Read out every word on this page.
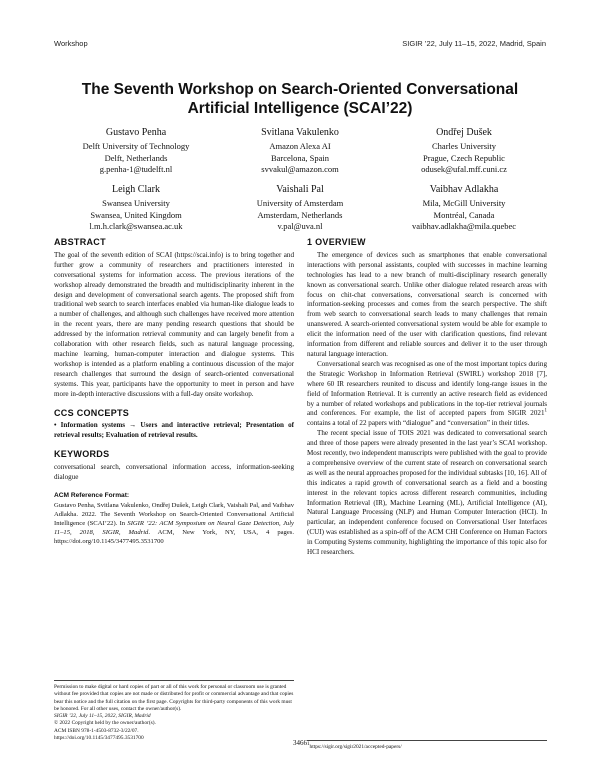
Workshop	SIGIR ’22, July 11–15, 2022, Madrid, Spain
The Seventh Workshop on Search-Oriented Conversational Artificial Intelligence (SCAI’22)
Gustavo Penha
Delft University of Technology
Delft, Netherlands
g.penha-1@tudelft.nl
Svitlana Vakulenko
Amazon Alexa AI
Barcelona, Spain
svvakul@amazon.com
Ondřej Dušek
Charles University
Prague, Czech Republic
odusek@ufal.mff.cuni.cz
Leigh Clark
Swansea University
Swansea, United Kingdom
l.m.h.clark@swansea.ac.uk
Vaishali Pal
University of Amsterdam
Amsterdam, Netherlands
v.pal@uva.nl
Vaibhav Adlakha
Mila, McGill University
Montréal, Canada
vaibhav.adlakha@mila.quebec
ABSTRACT

The goal of the seventh edition of SCAI (https://scai.info) is to bring together and further grow a community of researchers and practitioners interested in conversational systems for information access. The previous iterations of the workshop already demonstrated the breadth and multidisciplinarity inherent in the design and development of conversational search agents. The proposed shift from traditional web search to search interfaces enabled via human-like dialogue leads to a number of challenges, and although such challenges have received more attention in the recent years, there are many pending research questions that should be addressed by the information retrieval community and can largely benefit from a collaboration with other research fields, such as natural language processing, machine learning, human-computer interaction and dialogue systems. This workshop is intended as a platform enabling a continuous discussion of the major research challenges that surround the design of search-oriented conversational systems. This year, participants have the opportunity to meet in person and have more in-depth interactive discussions with a full-day onsite workshop.

CCS CONCEPTS

• Information systems → Users and interactive retrieval; Presentation of retrieval results; Evaluation of retrieval results.

KEYWORDS

conversational search, conversational information access, information-seeking dialogue

ACM Reference Format:

Gustavo Penha, Svitlana Vakulenko, Ondřej Dušek, Leigh Clark, Vaishali Pal, and Vaibhav Adlakha. 2022. The Seventh Workshop on Search-Oriented Conversational Artificial Intelligence (SCAI’22). In SIGIR ’22: ACM Symposium on Neural Gaze Detection, July 11–15, 2018, SIGIR, Madrid. ACM, New York, NY, USA, 4 pages. https://doi.org/10.1145/3477495.3531700

Permission to make digital or hard copies of part or all of this work for personal or classroom use is granted without fee provided that copies are not made or distributed for profit or commercial advantage and that copies bear this notice and the full citation on the first page. Copyrights for third-party components of this work must be honored. For all other uses, contact the owner/author(s).
SIGIR ’22, July 11–15, 2022, SIGIR, Madrid
© 2022 Copyright held by the owner/author(s).
ACM ISBN 978-1-4503-8732-3/22/07.
https://doi.org/10.1145/3477495.3531700
1 OVERVIEW

The emergence of devices such as smartphones that enable conversational interactions with personal assistants, coupled with successes in machine learning technologies has lead to a new branch of multi-disciplinary research generally known as conversational search. Unlike other dialogue related research areas with focus on chit-chat conversations, conversational search is concerned with information-seeking processes and comes from the search perspective. The shift from web search to conversational search leads to many challenges that remain unanswered. A search-oriented conversational system would be able for example to elicit the information need of the user with clarification questions, find relevant information from different and reliable sources and deliver it to the user through natural language interaction.

Conversational search was recognised as one of the most important topics during the Strategic Workshop in Information Retrieval (SWIRL) workshop 2018 [7], where 60 IR researchers reunited to discuss and identify long-range issues in the field of Information Retrieval. It is currently an active research field as evidenced by a number of related workshops and publications in the top-tier retrieval journals and conferences. For example, the list of accepted papers from SIGIR 2021$^1$ contains a total of 22 papers with “dialogue” and “conversation” in their titles.

The recent special issue of TOIS 2021 was dedicated to conversational search and three of those papers were already presented in the last year’s SCAI workshop. Most recently, two independent manuscripts were published with the goal to provide a comprehensive overview of the current state of research on conversational search as well as the neural approaches proposed for the individual subtasks [10, 16]. All of this indicates a rapid growth of conversational search as a field and a boosting interest in the relevant topics across different research communities, including Information Retrieval (IR), Machine Learning (ML), Artificial Intelligence (AI), Natural Language Processing (NLP) and Human Computer Interaction (HCI). In particular, an independent conference focused on Conversational User Interfaces (CUI) was established as a spin-off of the ACM CHI Conference on Human Factors in Computing Systems community, highlighting the importance of this topic also for HCI researchers.

$^1$https://sigir.org/sigir2021/accepted-papers/
3466
